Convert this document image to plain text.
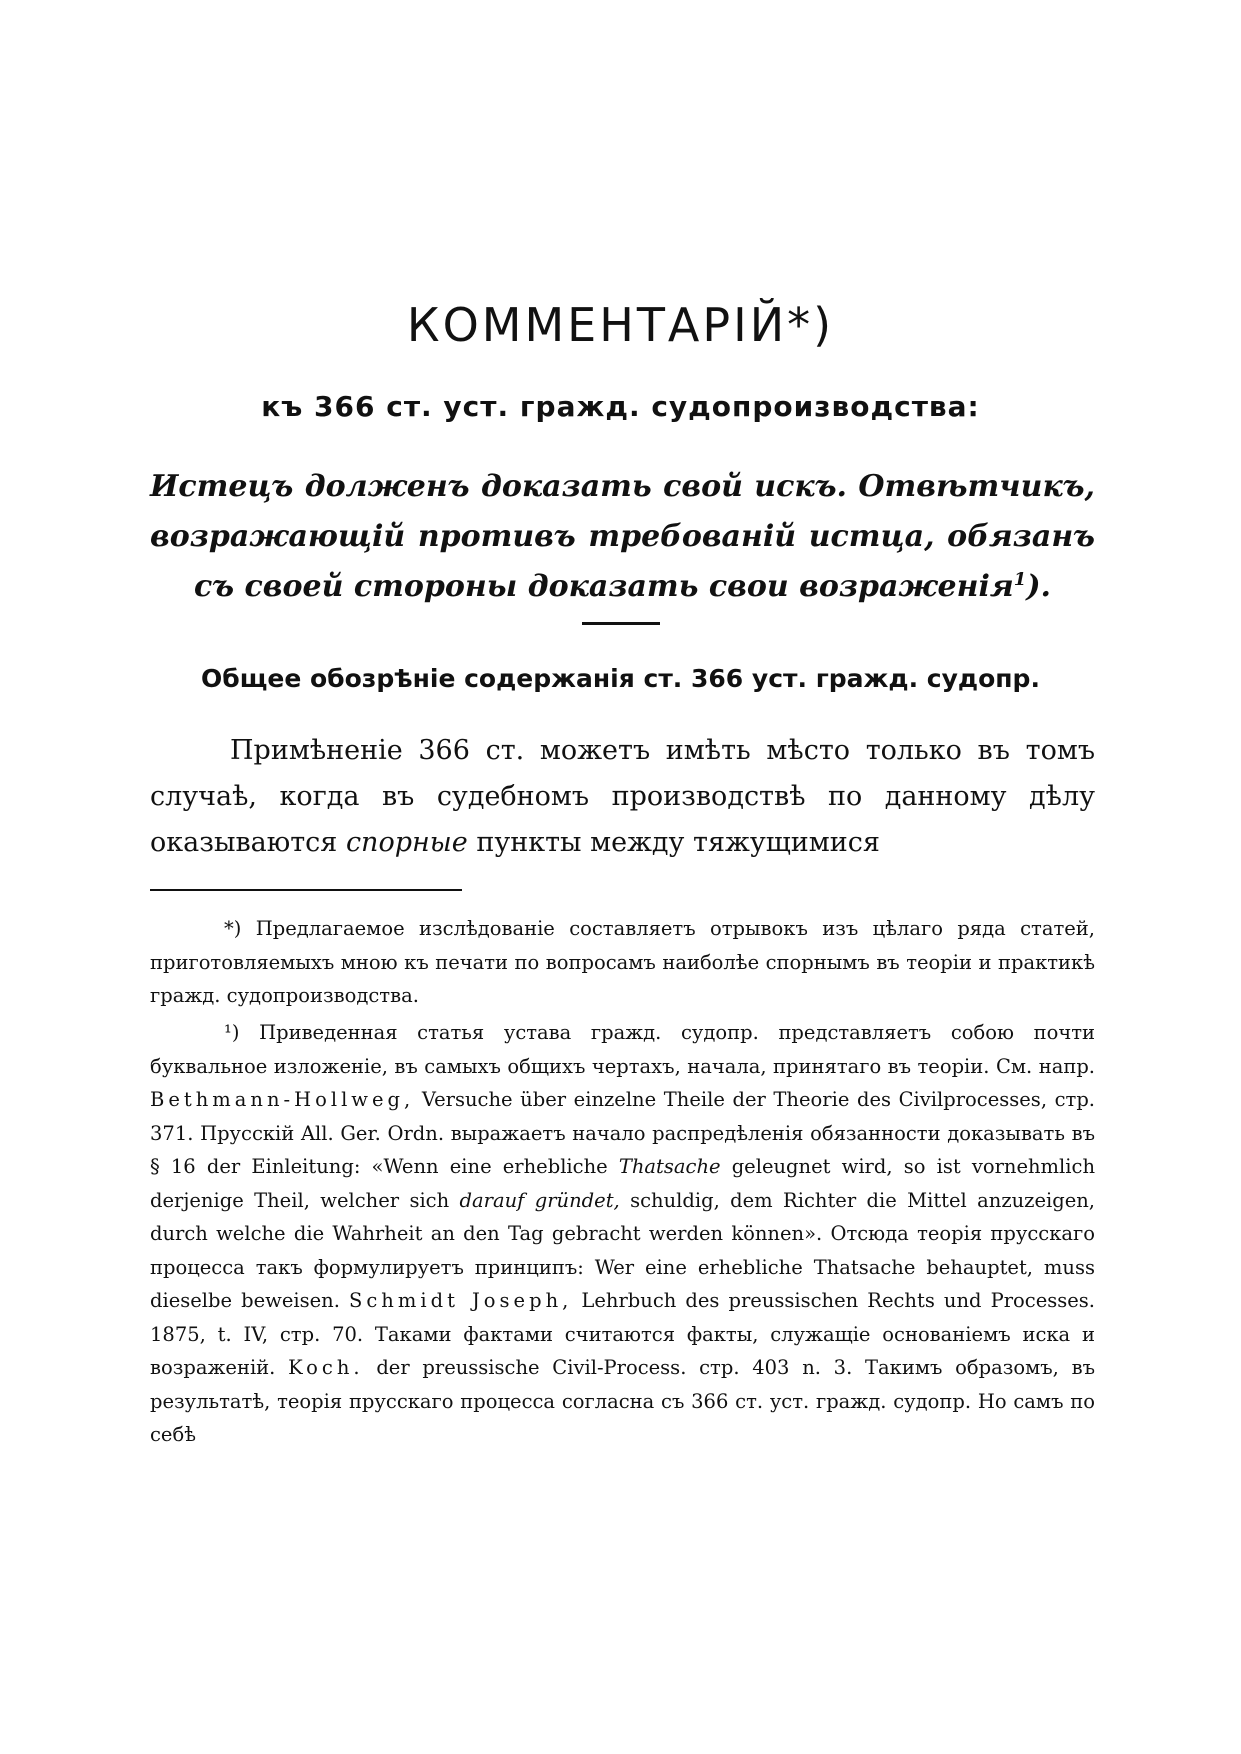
КОММЕНТАРІЙ*)
къ 366 ст. уст. гражд. судопроизводства:

Истецъ долженъ доказать свой искъ. Отвѣтчикъ, возражающій противъ требованій истца, обязанъ съ своей стороны доказать свои возраженія$^1$).

Общее обозрѣніе содержанія ст. 366 уст. гражд. судопр.

Примѣненіе 366 ст. можетъ имѣть мѣсто только въ томъ случаѣ, когда въ судебномъ производствѣ по данному дѣлу оказываются спорные пункты между тяжущимися

*) Предлагаемое изслѣдованіе составляетъ отрывокъ изъ цѣлаго ряда статей, приготовляемыхъ мною къ печати по вопросамъ наиболѣе спорнымъ въ теоріи и практикѣ гражд. судопроизводства.

¹) Приведенная статья устава гражд. судопр. представляетъ собою почти буквальное изложеніе, въ самыхъ общихъ чертахъ, начала, принятаго въ теоріи. См. напр. Bethmann-Hollweg, Versuche über einzelne Theile der Theorie des Civilprocesses, стр. 371. Прусскій All. Ger. Ordn. выражаетъ начало распредѣленія обязанности доказывать въ § 16 der Einleitung: «Wenn eine erhebliche Thatsache geleugnet wird, so ist vornehmlich derjenige Theil, welcher sich darauf gründet, schuldig, dem Richter die Mittel anzuzeigen, durch welche die Wahrheit an den Tag gebracht werden können». Отсюда теорія прусскаго процесса такъ формулируетъ принципъ: Wer eine erhebliche Thatsache behauptet, muss dieselbe beweisen. Schmidt Joseph, Lehrbuch des preussischen Rechts und Processes. 1875, t. IV, стр. 70. Таками фактами считаются факты, служащіе основаніемъ иска и возраженій. Koch. der preussische Civil-Process. стр. 403 n. 3. Такимъ образомъ, въ результатѣ, теорія прусскаго процесса согласна съ 366 ст. уст. гражд. судопр. Но самъ по себѣ
